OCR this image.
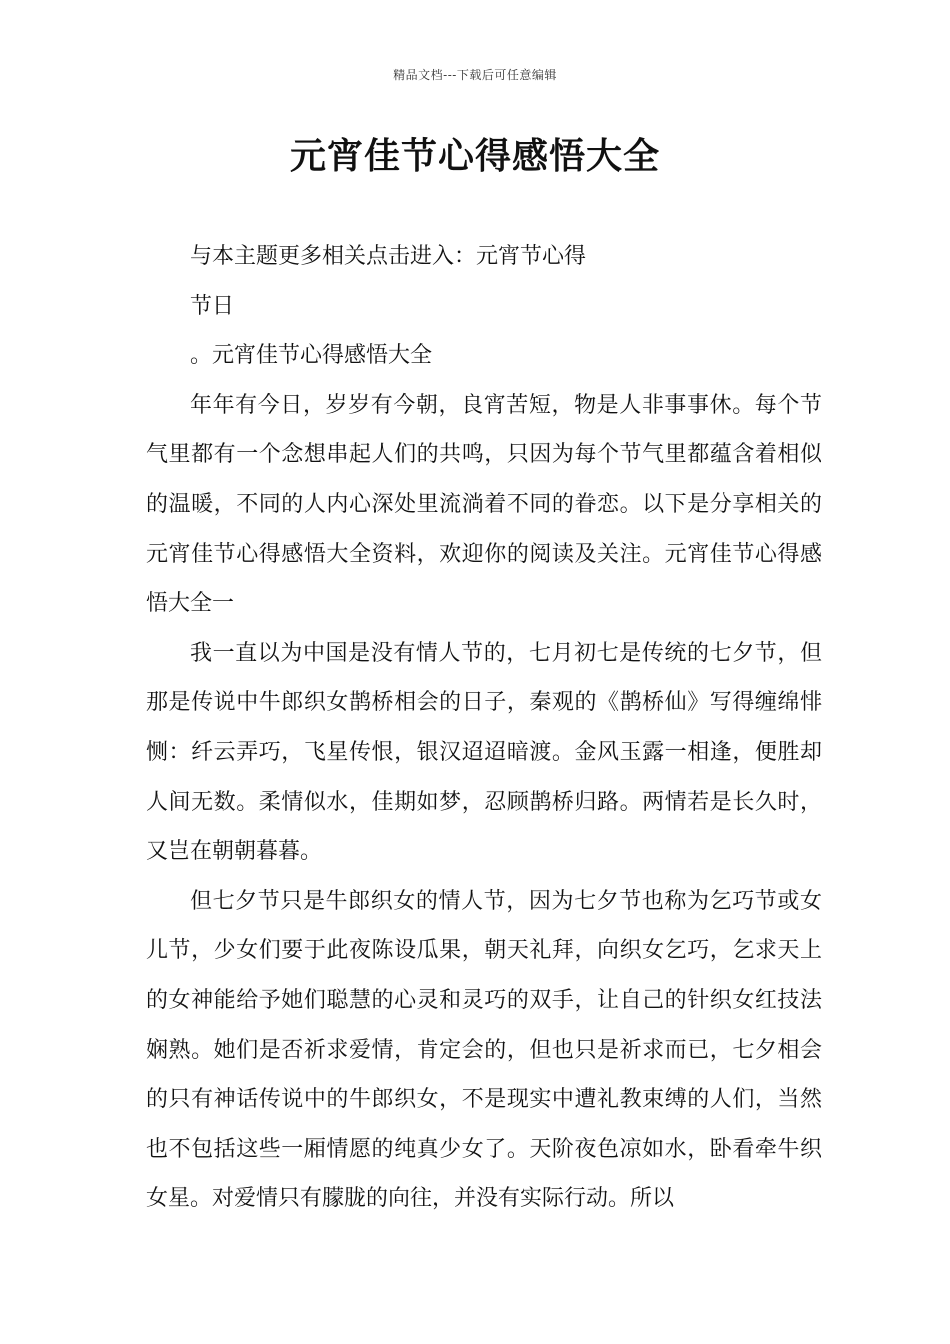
精品文档---下载后可任意编辑
元宵佳节心得感悟大全

与本主题更多相关点击进入：元宵节心得

节日

。元宵佳节心得感悟大全

年年有今日，岁岁有今朝，良宵苦短，物是人非事事休。每个节气里都有一个念想串起人们的共鸣，只因为每个节气里都蕴含着相似的温暖，不同的人内心深处里流淌着不同的眷恋。以下是分享相关的元宵佳节心得感悟大全资料，欢迎你的阅读及关注。元宵佳节心得感悟大全一

我一直以为中国是没有情人节的，七月初七是传统的七夕节，但那是传说中牛郎织女鹊桥相会的日子，秦观的《鹊桥仙》写得缠绵悱恻：纤云弄巧，飞星传恨，银汉迢迢暗渡。金风玉露一相逢，便胜却人间无数。柔情似水，佳期如梦，忍顾鹊桥归路。两情若是长久时，又岂在朝朝暮暮。

但七夕节只是牛郎织女的情人节，因为七夕节也称为乞巧节或女儿节，少女们要于此夜陈设瓜果，朝天礼拜，向织女乞巧，乞求天上的女神能给予她们聪慧的心灵和灵巧的双手，让自己的针织女红技法娴熟。她们是否祈求爱情，肯定会的，但也只是祈求而已，七夕相会的只有神话传说中的牛郎织女，不是现实中遭礼教束缚的人们，当然也不包括这些一厢情愿的纯真少女了。天阶夜色凉如水，卧看牵牛织女星。对爱情只有朦胧的向往，并没有实际行动。所以
